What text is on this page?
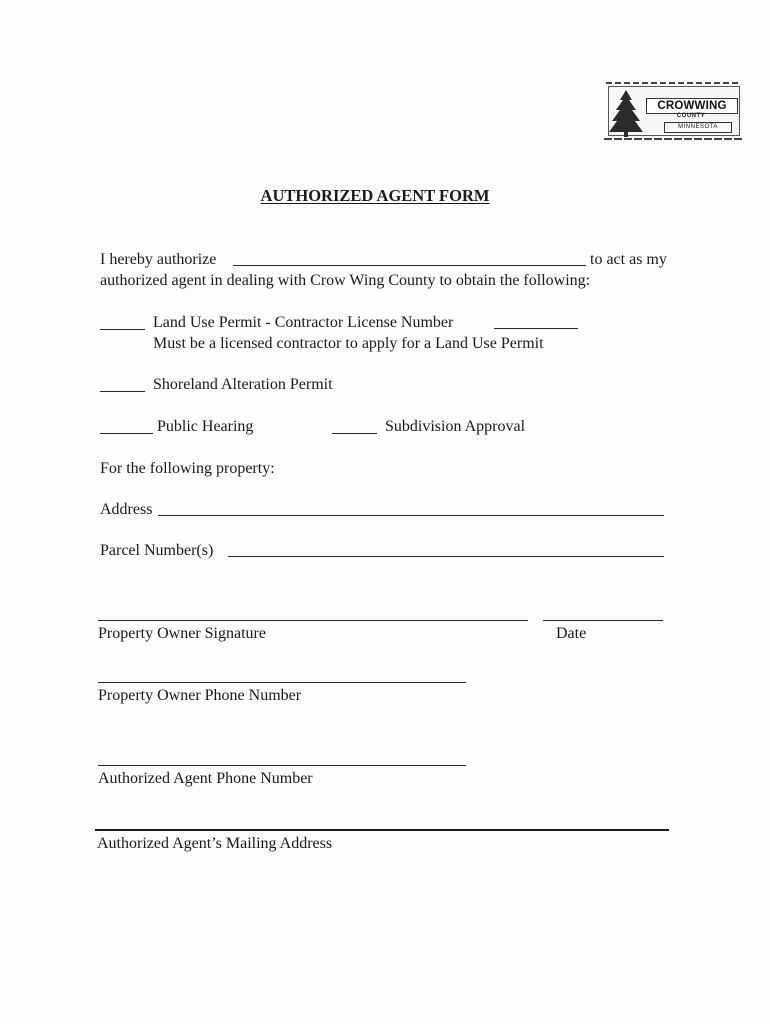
CROWWING
COUNTY
MINNESOTA
AUTHORIZED AGENT FORM
I hereby authorize	to act as my
authorized agent in dealing with Crow Wing County to obtain the following:
Land Use Permit - Contractor License Number
Must be a licensed contractor to apply for a Land Use Permit
Shoreland Alteration Permit
Public Hearing	Subdivision Approval
For the following property:
Address
Parcel Number(s)
Property Owner Signature	Date
Property Owner Phone Number
Authorized Agent Phone Number
Authorized Agent’s Mailing Address
